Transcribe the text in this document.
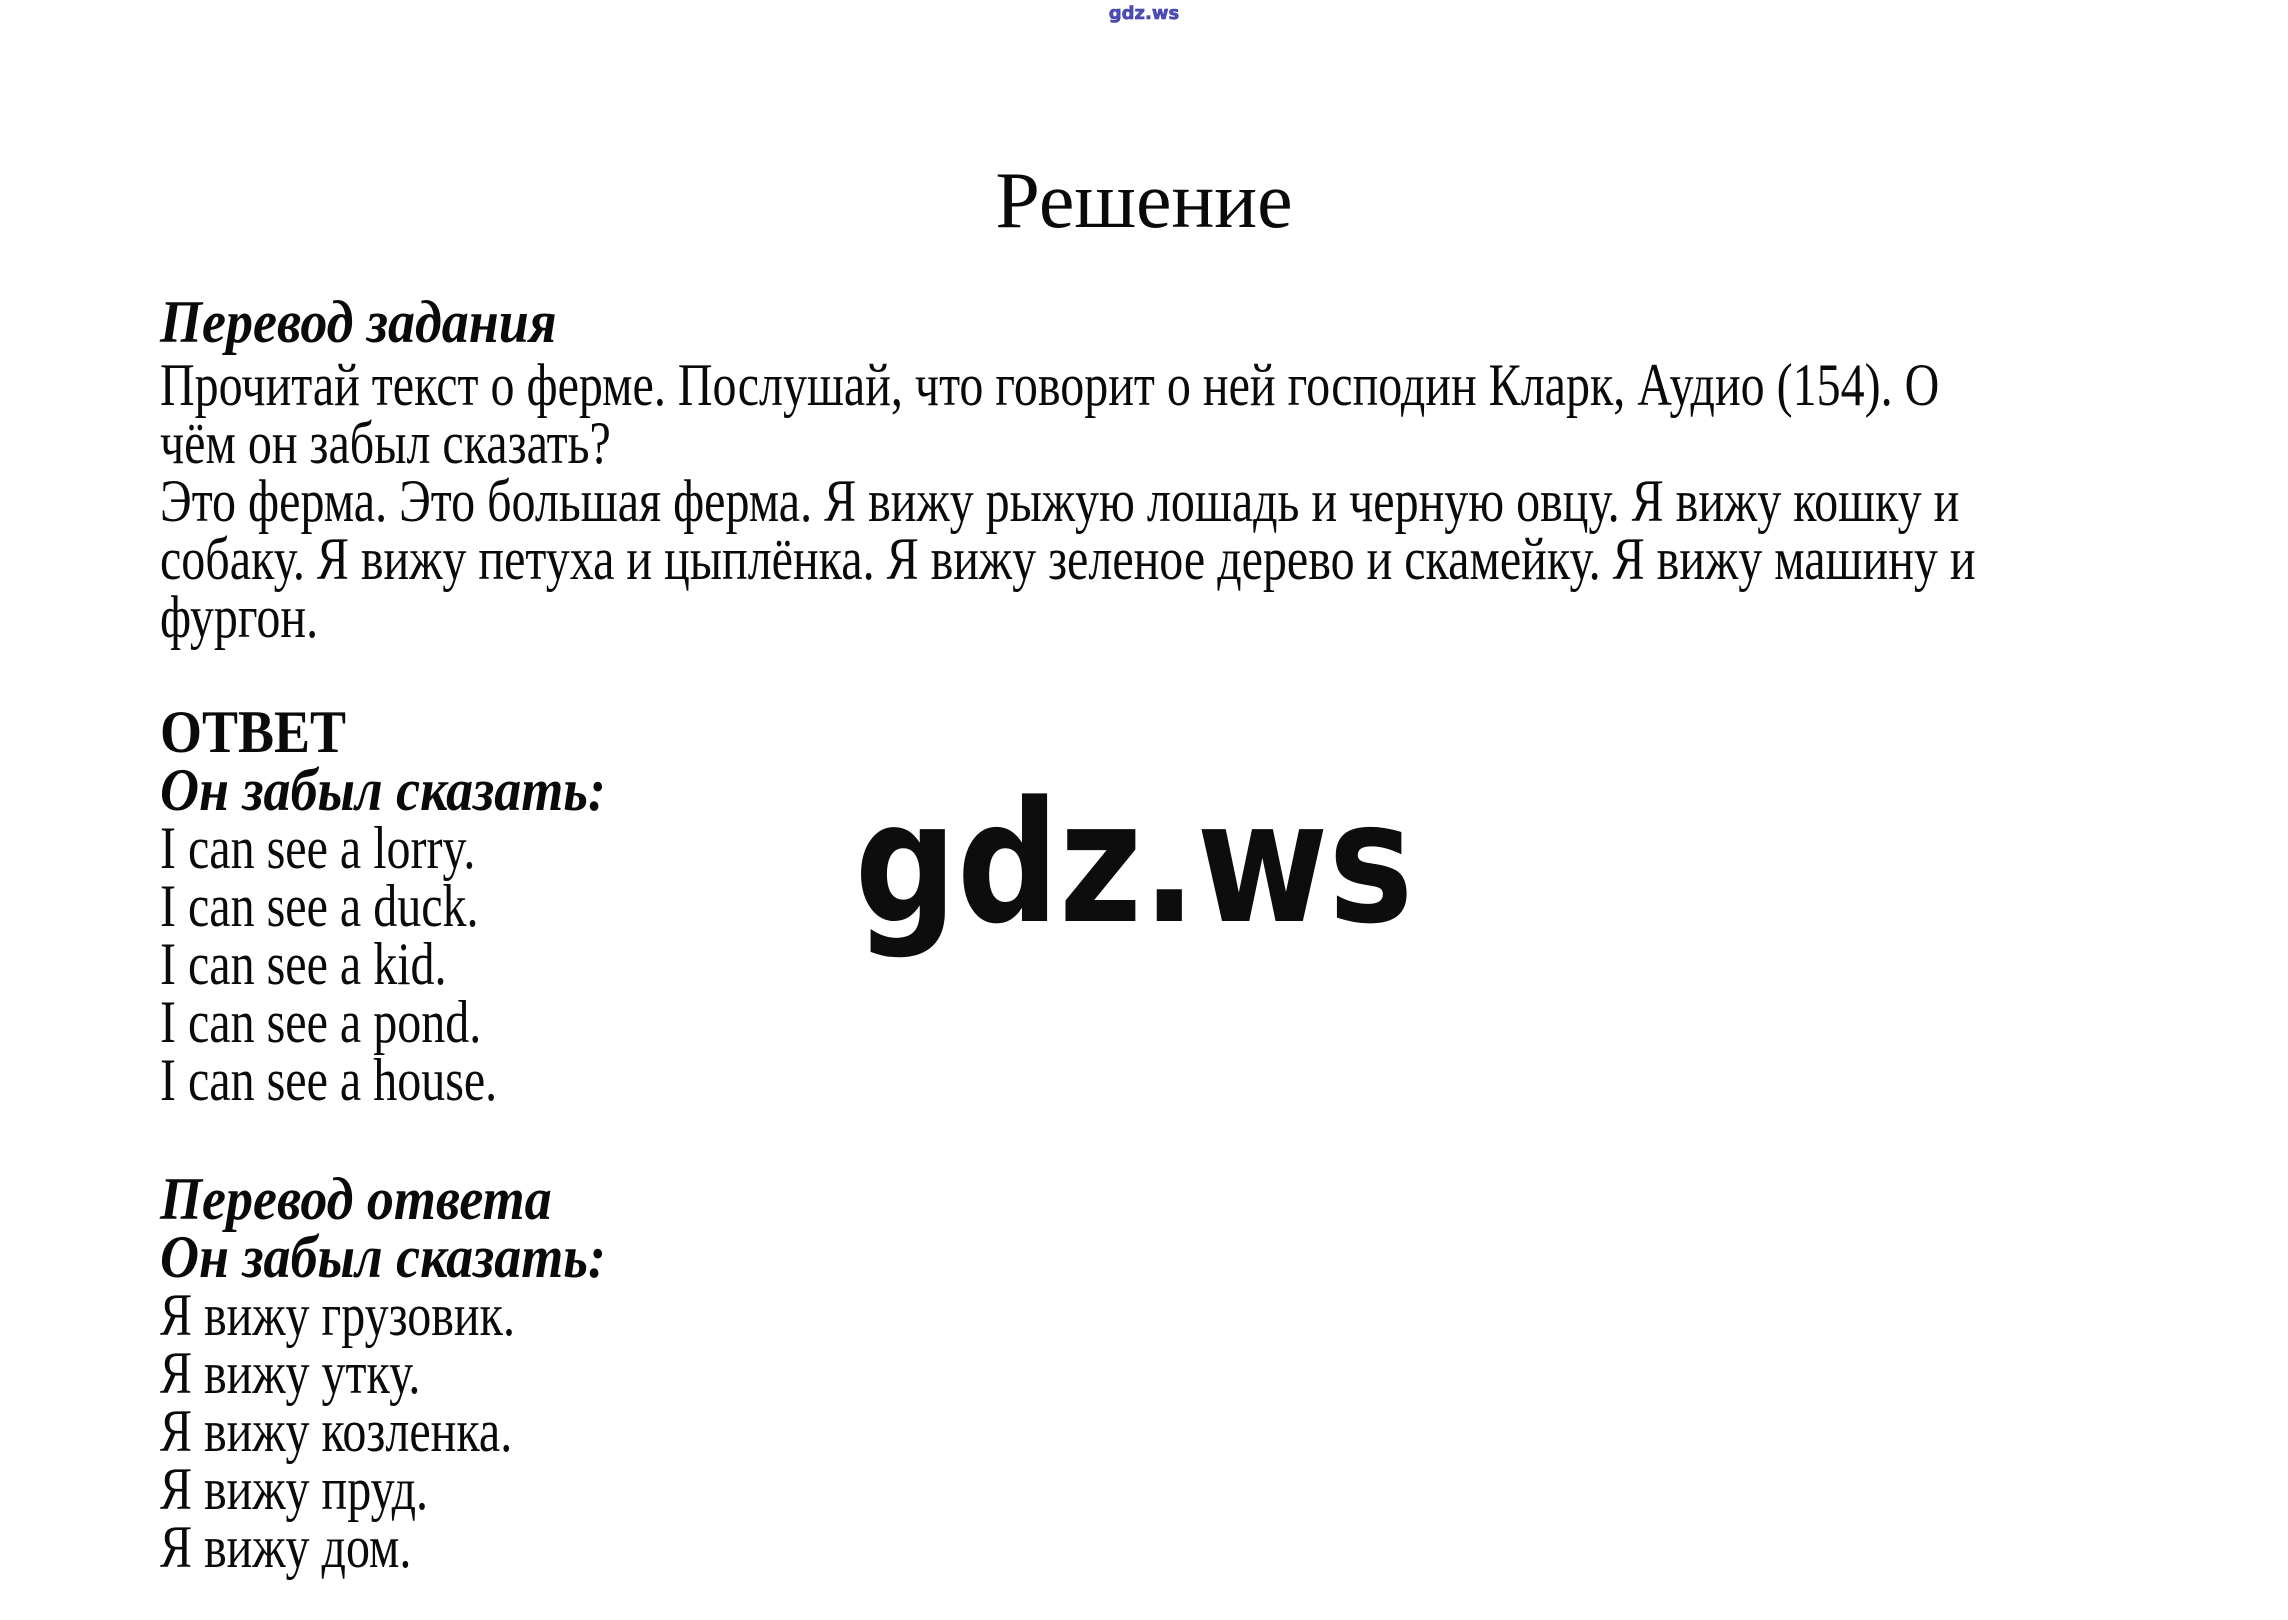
gdz.ws
Решение
Перевод задания
Прочитай текст о ферме. Послушай, что говорит о ней господин Кларк, Аудио (154). О
чём он забыл сказать?
Это ферма. Это большая ферма. Я вижу рыжую лошадь и черную овцу. Я вижу кошку и
собаку. Я вижу петуха и цыплёнка. Я вижу зеленое дерево и скамейку. Я вижу машину и
фургон.
gdz.ws
ОТВЕТ
Он забыл сказать:
I can see a lorry.
I can see a duck.
I can see a kid.
I can see a pond.
I can see a house.
Перевод ответа
Он забыл сказать:
Я вижу грузовик.
Я вижу утку.
Я вижу козленка.
Я вижу пруд.
Я вижу дом.
